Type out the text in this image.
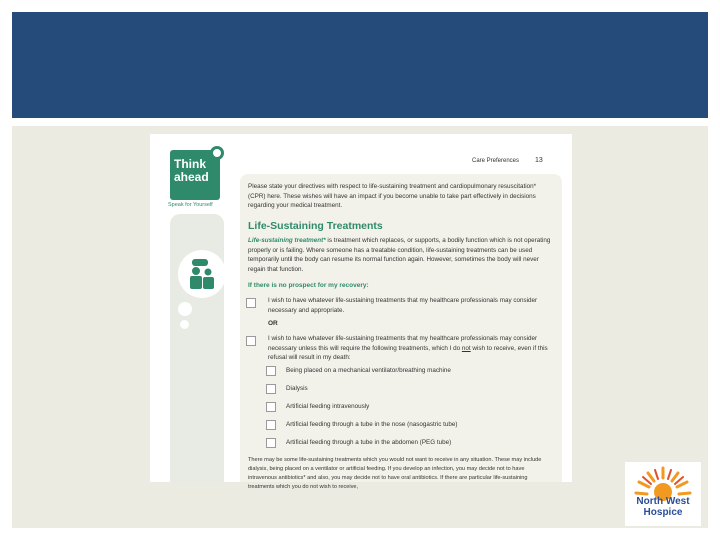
Think ahead
Speak for Yourself
Care Preferences 13
Please state your directives with respect to life-sustaining treatment and cardiopulmonary resuscitation* (CPR) here. These wishes will have an impact if you become unable to take part effectively in decisions regarding your medical treatment.
Life-Sustaining Treatments
Life-sustaining treatment* is treatment which replaces, or supports, a bodily function which is not operating properly or is failing. Where someone has a treatable condition, life-sustaining treatments can be used temporarily until the body can resume its normal function again. However, sometimes the body will never regain that function.
If there is no prospect for my recovery:
I wish to have whatever life-sustaining treatments that my healthcare professionals may consider necessary and appropriate.
OR
I wish to have whatever life-sustaining treatments that my healthcare professionals may consider necessary unless this will require the following treatments, which I do not wish to receive, even if this refusal will result in my death:
Being placed on a mechanical ventilator/breathing machine
Dialysis
Artificial feeding intravenously
Artificial feeding through a tube in the nose (nasogastric tube)
Artificial feeding through a tube in the abdomen (PEG tube)
There may be some life-sustaining treatments which you would not want to receive in any situation. These may include dialysis, being placed on a ventilator or artificial feeding. If you develop an infection, you may decide not to have intravenous antibiotics* and also, you may decide not to have oral antibiotics. If there are particular life-sustaining treatments which you do not wish to receive,
North West
Hospice
